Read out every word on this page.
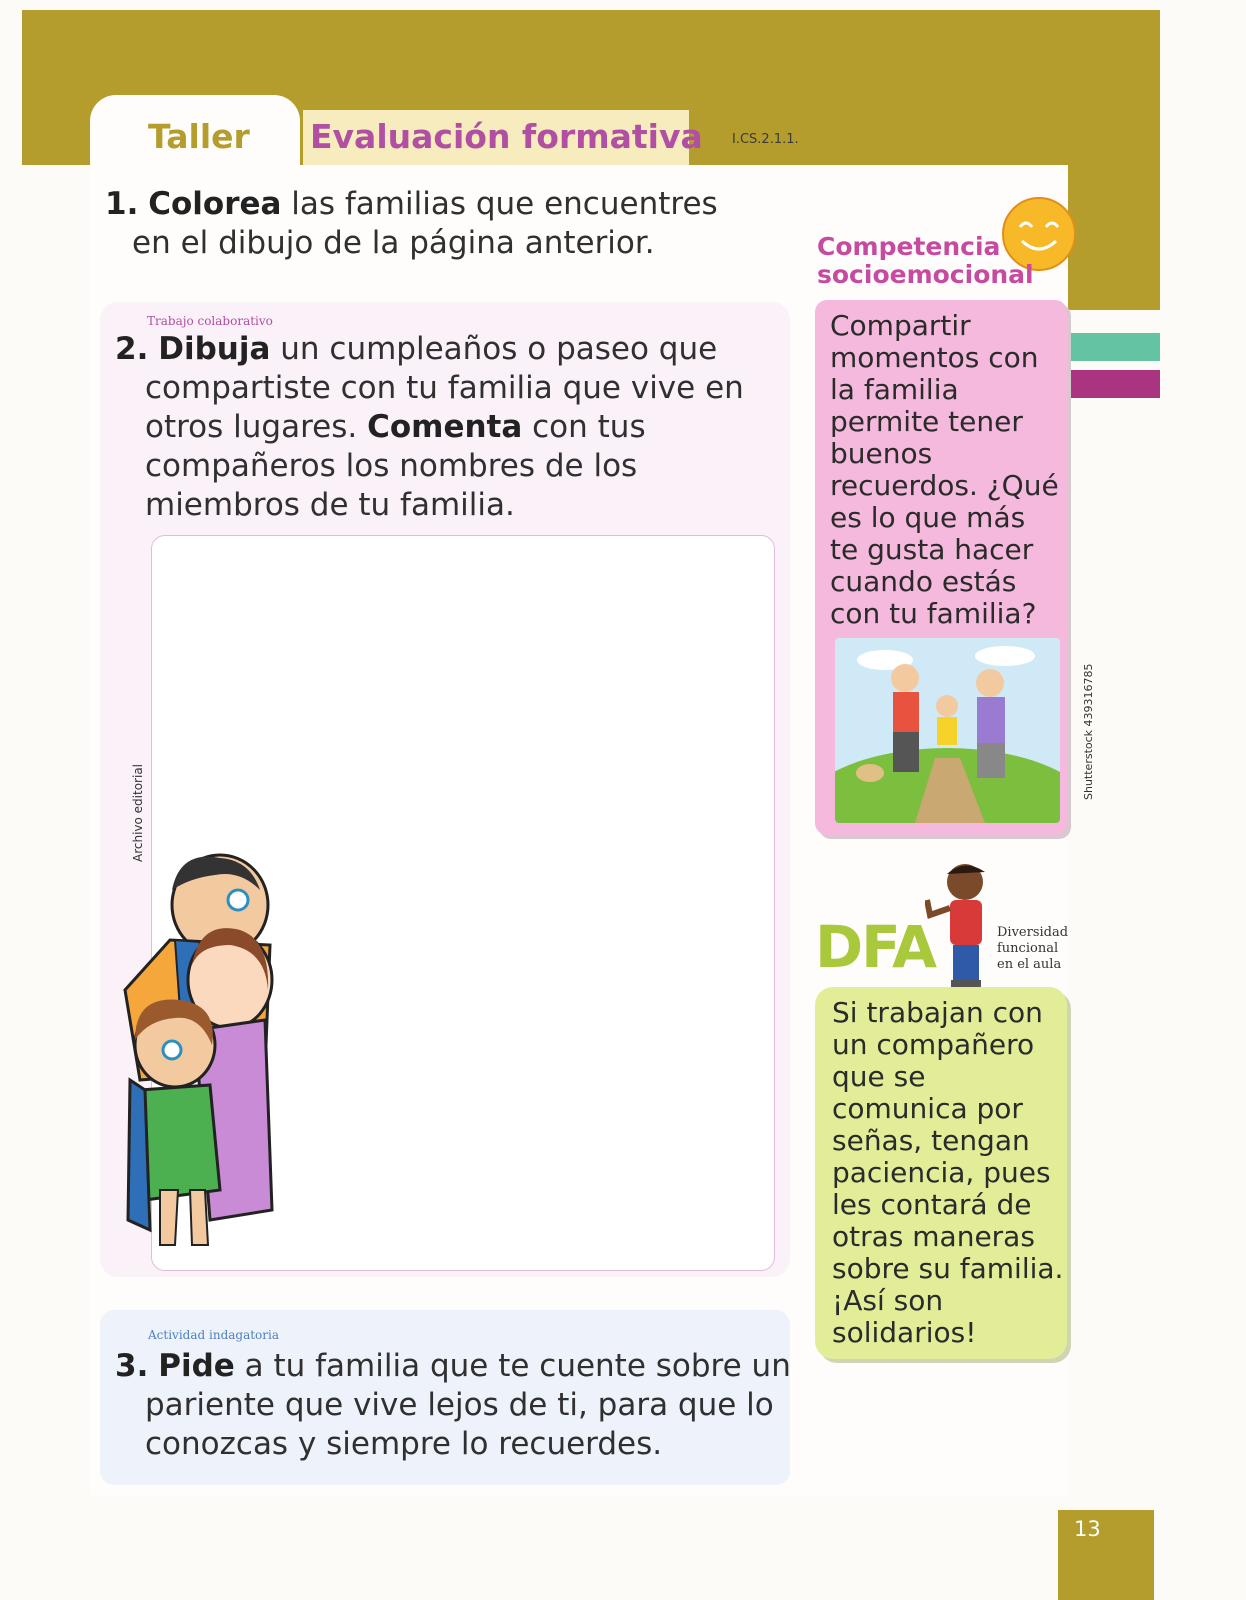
Taller Evaluación formativa I.CS.2.1.1.

1. Colorea las familias que encuentres
en el dibujo de la página anterior.

Trabajo colaborativo

2. Dibuja un cumpleaños o paseo que compartiste con tu familia que vive en otros lugares. Comenta con tus compañeros los nombres de los miembros de tu familia.

Archivo editorial
Actividad indagatoria

3. Pide a tu familia que te cuente sobre un pariente que vive lejos de ti, para que lo conozcas y siempre lo recuerdes.

Competencia
socioemocional
Compartir momentos con la familia permite tener buenos recuerdos. ¿Qué es lo que más te gusta hacer cuando estás con tu familia?
Shutterstock 439316785
DFA	Diversidad
funcional
en el aula
Si trabajan con un compañero que se comunica por señas, tengan paciencia, pues les contará de otras maneras sobre su familia. ¡Así son solidarios!
13
